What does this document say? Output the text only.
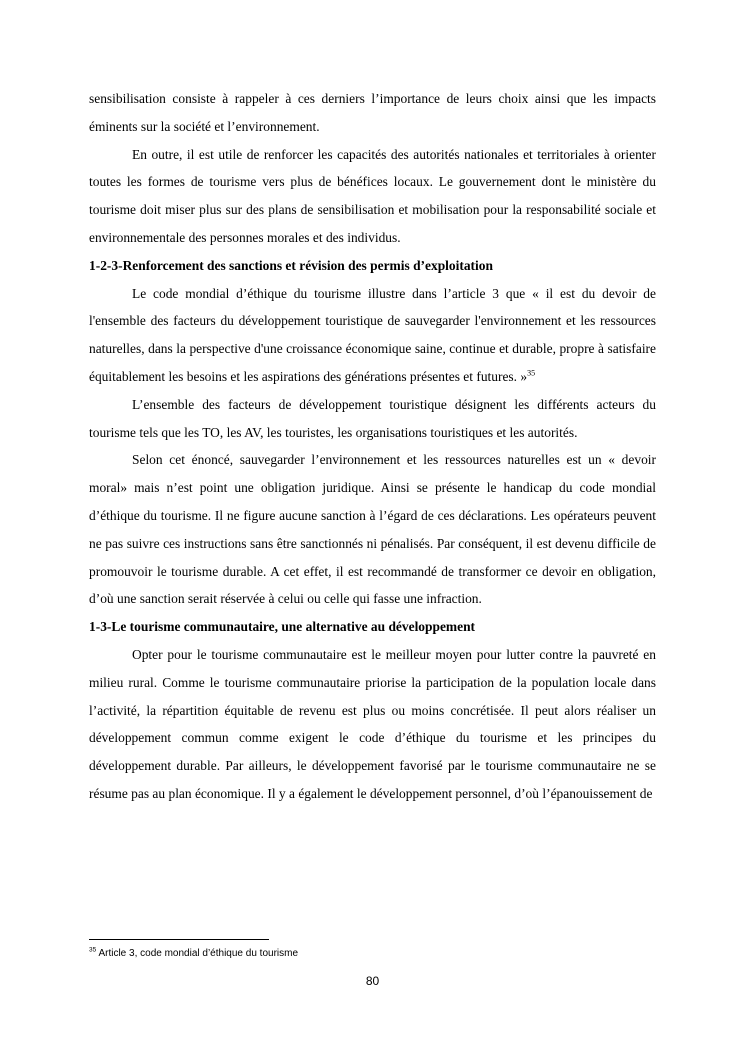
sensibilisation consiste à rappeler à ces derniers l’importance de leurs choix ainsi que les impacts éminents sur la société et l’environnement.

En outre, il est utile de renforcer les capacités des autorités nationales et territoriales à orienter toutes les formes de tourisme vers plus de bénéfices locaux. Le gouvernement dont le ministère du tourisme doit miser plus sur des plans de sensibilisation et mobilisation pour la responsabilité sociale et environnementale des personnes morales et des individus.

1-2-3-Renforcement des sanctions et révision des permis d’exploitation

Le code mondial d’éthique du tourisme illustre dans l’article 3 que « il est du devoir de l'ensemble des facteurs du développement touristique de sauvegarder l'environnement et les ressources naturelles, dans la perspective d'une croissance économique saine, continue et durable, propre à satisfaire équitablement les besoins et les aspirations des générations présentes et futures. »$^{35}$

L’ensemble des facteurs de développement touristique désignent les différents acteurs du tourisme tels que les TO, les AV, les touristes, les organisations touristiques et les autorités.

Selon cet énoncé, sauvegarder l’environnement et les ressources naturelles est un « devoir moral» mais n’est point une obligation juridique. Ainsi se présente le handicap du code mondial d’éthique du tourisme. Il ne figure aucune sanction à l’égard de ces déclarations. Les opérateurs peuvent ne pas suivre ces instructions sans être sanctionnés ni pénalisés. Par conséquent, il est devenu difficile de promouvoir le tourisme durable. A cet effet, il est recommandé de transformer ce devoir en obligation, d’où une sanction serait réservée à celui ou celle qui fasse une infraction.

1-3-Le tourisme communautaire, une alternative au développement

Opter pour le tourisme communautaire est le meilleur moyen pour lutter contre la pauvreté en milieu rural. Comme le tourisme communautaire priorise la participation de la population locale dans l’activité, la répartition équitable de revenu est plus ou moins concrétisée. Il peut alors réaliser un développement commun comme exigent le code d’éthique du tourisme et les principes du développement durable. Par ailleurs, le développement favorisé par le tourisme communautaire ne se résume pas au plan économique. Il y a également le développement personnel, d’où l’épanouissement de

$^{35}$ Article 3, code mondial d’éthique du tourisme
80
